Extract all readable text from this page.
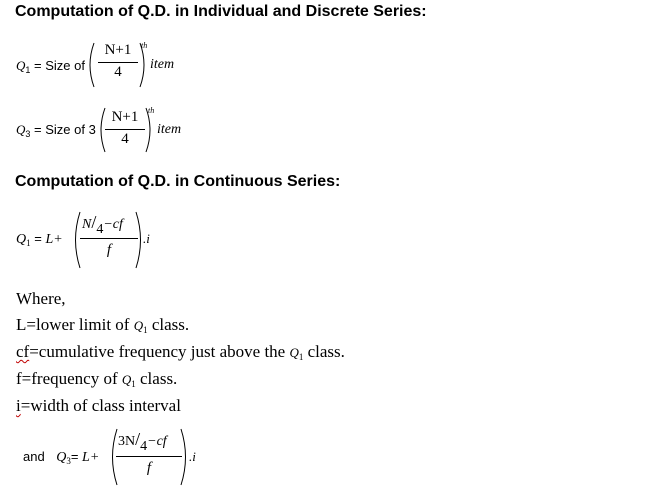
Computation of Q.D. in Individual and Discrete Series:
$Q_1$ = Size of
N+1
4
th
item
$Q_3$ = Size of 3
N+1
4
th
item
Computation of Q.D. in Continuous Series:
$Q_1 = L+$
N/4−cf
f
.i
Where,
L=lower limit of Q1 class.
cf=cumulative frequency just above the Q1 class.
f=frequency of Q1 class.
i=width of class interval
and $Q_3= L+$
3N/4−cf
f
.i
